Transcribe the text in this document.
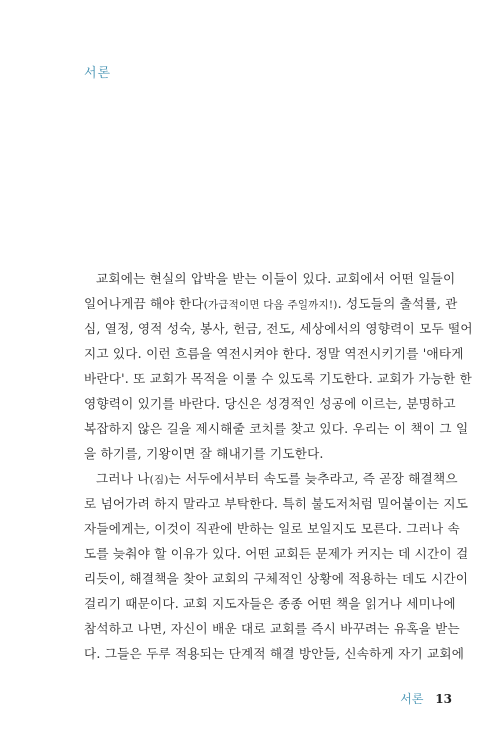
서론
교회에는 현실의 압박을 받는 이들이 있다. 교회에서 어떤 일들이
일어나게끔 해야 한다(가급적이면 다음 주일까지!). 성도들의 출석률, 관
심, 열정, 영적 성숙, 봉사, 헌금, 전도, 세상에서의 영향력이 모두 떨어
지고 있다. 이런 흐름을 역전시켜야 한다. 정말 역전시키기를 '애타게
바란다'. 또 교회가 목적을 이룰 수 있도록 기도한다. 교회가 가능한 한
영향력이 있기를 바란다. 당신은 성경적인 성공에 이르는, 분명하고
복잡하지 않은 길을 제시해줄 코치를 찾고 있다. 우리는 이 책이 그 일
을 하기를, 기왕이면 잘 해내기를 기도한다.
그러나 나(짐)는 서두에서부터 속도를 늦추라고, 즉 곧장 해결책으
로 넘어가려 하지 말라고 부탁한다. 특히 불도저처럼 밀어붙이는 지도
자들에게는, 이것이 직관에 반하는 일로 보일지도 모른다. 그러나 속
도를 늦춰야 할 이유가 있다. 어떤 교회든 문제가 커지는 데 시간이 걸
리듯이, 해결책을 찾아 교회의 구체적인 상황에 적용하는 데도 시간이
걸리기 때문이다. 교회 지도자들은 종종 어떤 책을 읽거나 세미나에
참석하고 나면, 자신이 배운 대로 교회를 즉시 바꾸려는 유혹을 받는
다. 그들은 두루 적용되는 단계적 해결 방안들, 신속하게 자기 교회에
서론 13
